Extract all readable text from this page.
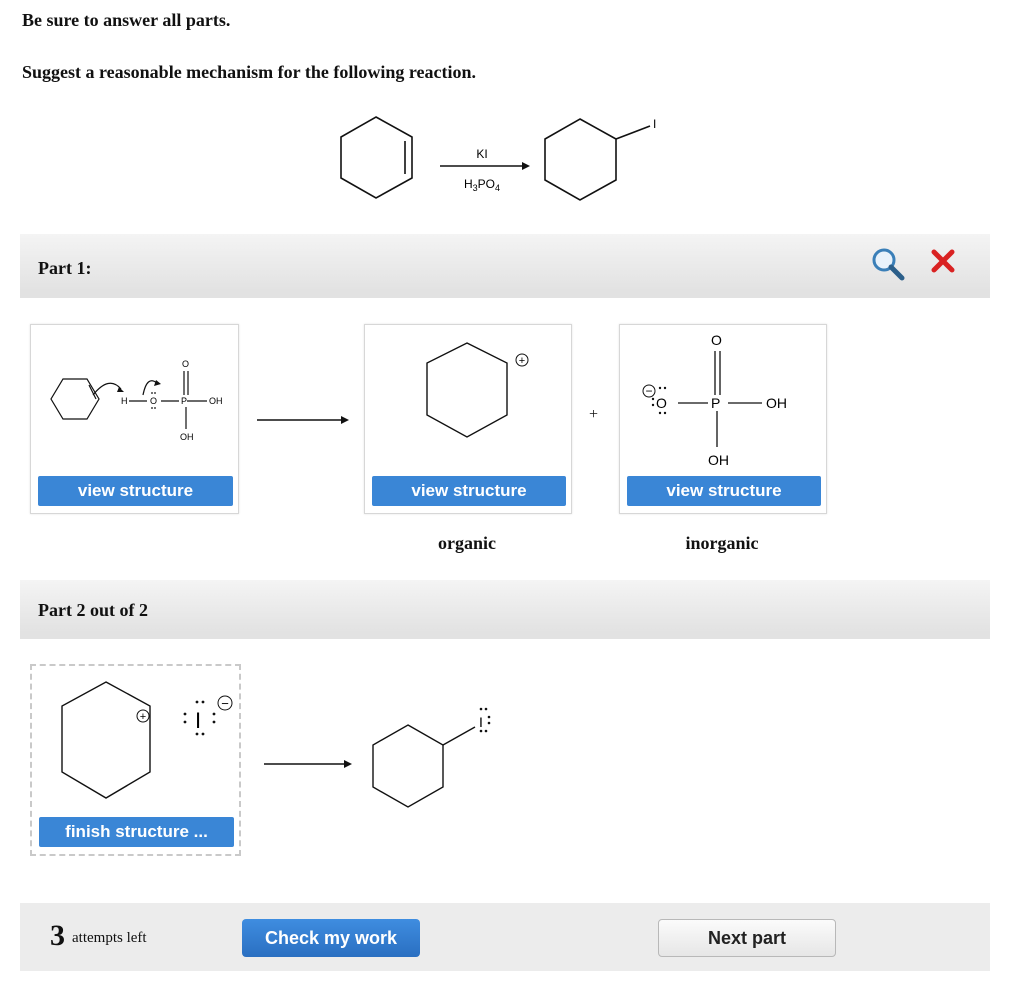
Be sure to answer all parts.
Suggest a reasonable mechanism for the following reaction.
KI
$H_3PO_4$
I
Part 1:
H	O	P
O
OH
OH
view structure
+
view structure
+
−
O	P
O
OH
OH
view structure
organic	inorganic
Part 2 out of 2
+ I
−
finish structure ...
I
3 attempts left	Check my work	Next part
